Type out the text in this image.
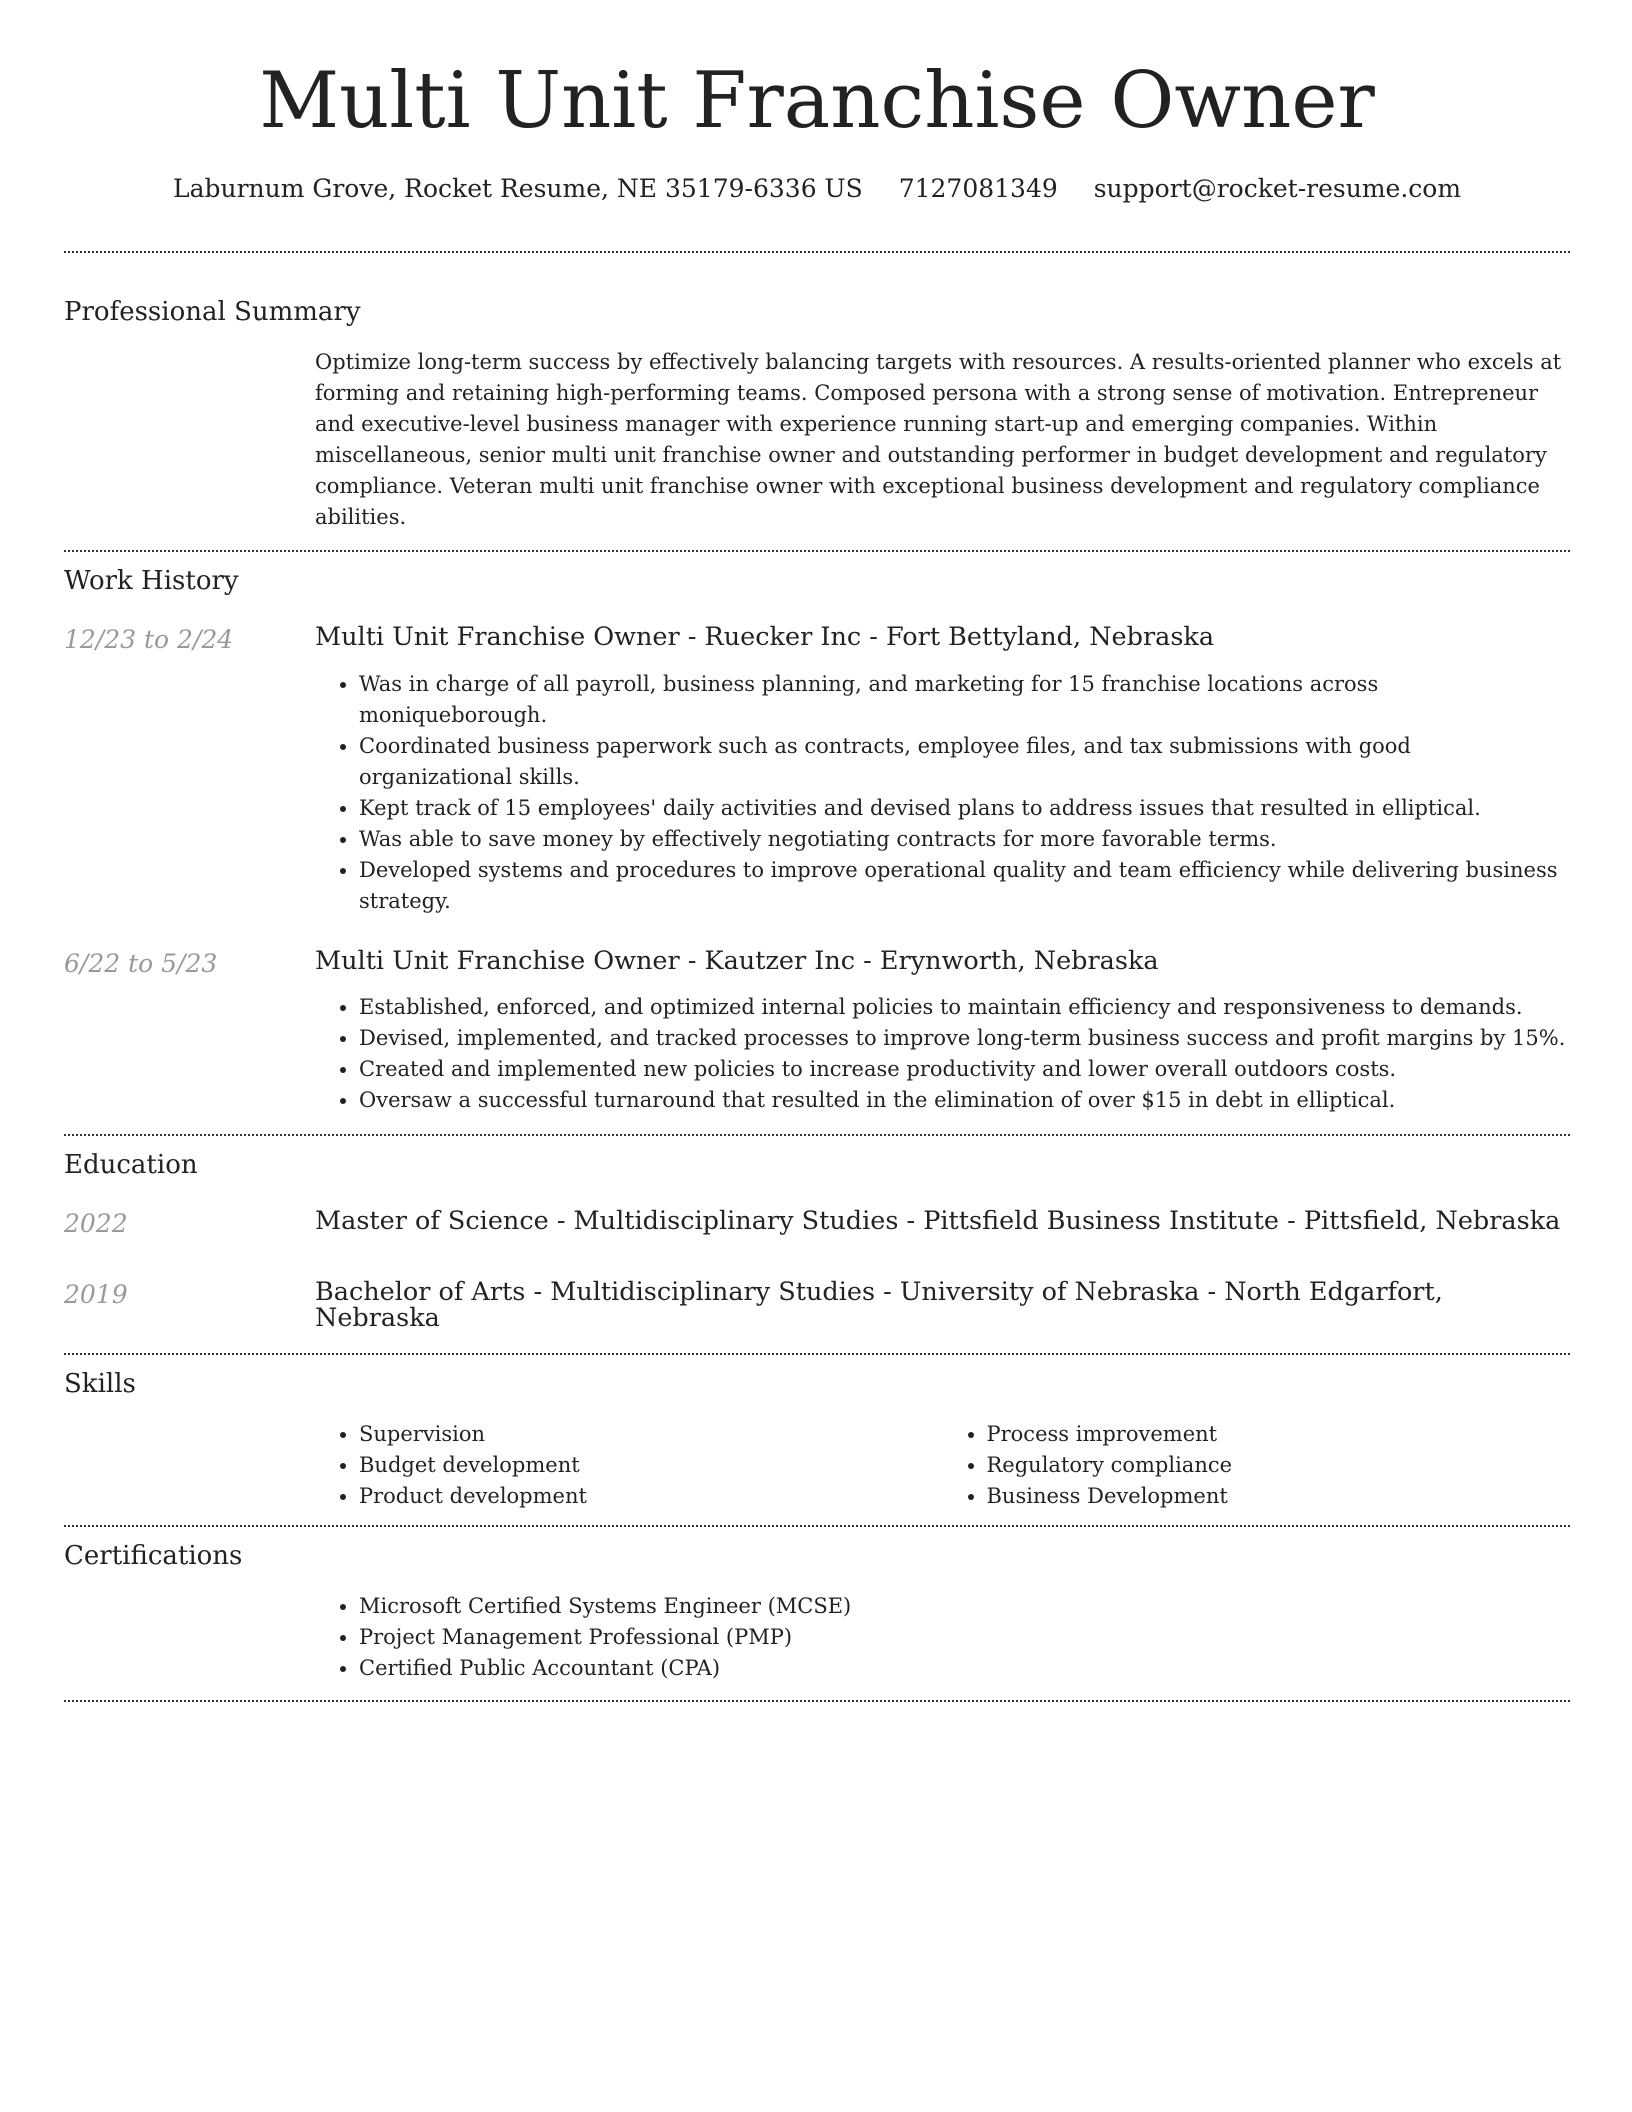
Multi Unit Franchise Owner
Laburnum Grove, Rocket Resume, NE 35179-6336 US 7127081349 support@rocket-resume.com
Professional Summary
Optimize long-term success by effectively balancing targets with resources. A results-oriented planner who excels at forming and retaining high-performing teams. Composed persona with a strong sense of motivation. Entrepreneur and executive-level business manager with experience running start-up and emerging companies. Within miscellaneous, senior multi unit franchise owner and outstanding performer in budget development and regulatory compliance. Veteran multi unit franchise owner with exceptional business development and regulatory compliance abilities.
Work History
12/23 to 2/24	Multi Unit Franchise Owner - Ruecker Inc - Fort Bettyland, Nebraska
• Was in charge of all payroll, business planning, and marketing for 15 franchise locations across moniqueborough.
• Coordinated business paperwork such as contracts, employee files, and tax submissions with good organizational skills.
• Kept track of 15 employees' daily activities and devised plans to address issues that resulted in elliptical.
• Was able to save money by effectively negotiating contracts for more favorable terms.
• Developed systems and procedures to improve operational quality and team efficiency while delivering business strategy.
6/22 to 5/23	Multi Unit Franchise Owner - Kautzer Inc - Erynworth, Nebraska
• Established, enforced, and optimized internal policies to maintain efficiency and responsiveness to demands.
• Devised, implemented, and tracked processes to improve long-term business success and profit margins by 15%.
• Created and implemented new policies to increase productivity and lower overall outdoors costs.
• Oversaw a successful turnaround that resulted in the elimination of over $15 in debt in elliptical.
Education
2022	Master of Science - Multidisciplinary Studies - Pittsfield Business Institute - Pittsfield, Nebraska
2019	Bachelor of Arts - Multidisciplinary Studies - University of Nebraska - North Edgarfort, Nebraska
Skills
• Supervision
• Budget development
• Product development
• Process improvement
• Regulatory compliance
• Business Development
Certifications
• Microsoft Certified Systems Engineer (MCSE)
• Project Management Professional (PMP)
• Certified Public Accountant (CPA)
